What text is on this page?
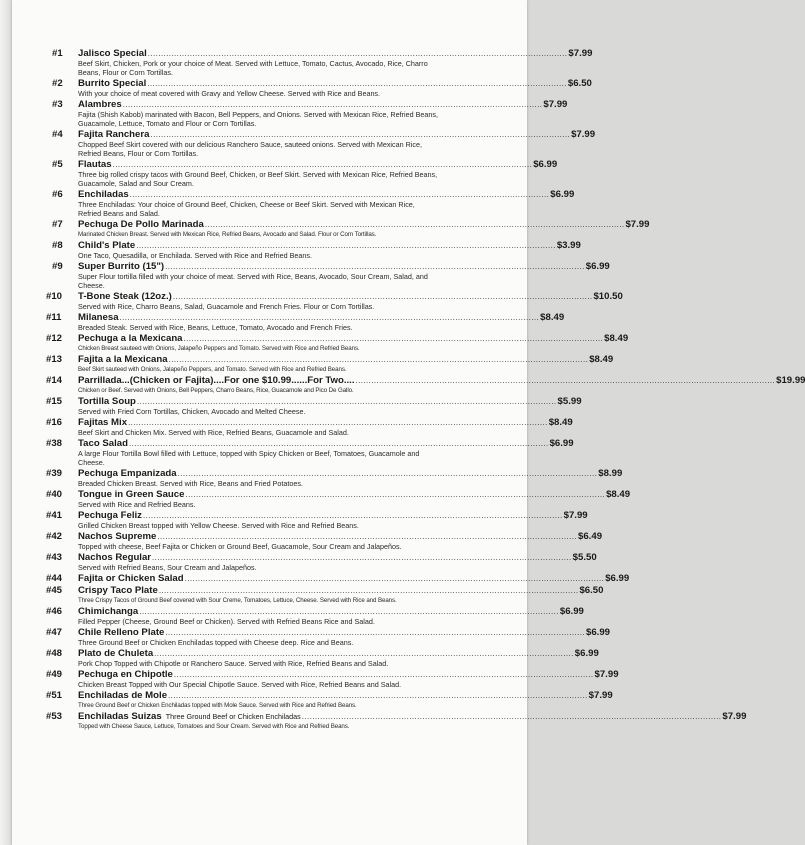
#1	Jalisco Special ................................................................................................................................................................ $7.99
Beef Skirt, Chicken, Pork or your choice of Meat. Served with Lettuce, Tomato, Cactus, Avocado, Rice, Charro Beans, Flour or Corn Tortillas.
#2	Burrito Special ................................................................................................................................................................ $6.50
With your choice of meat covered with Gravy and Yellow Cheese. Served with Rice and Beans.
#3	Alambres ................................................................................................................................................................ $7.99
Fajita (Shish Kabob) marinated with Bacon, Bell Peppers, and Onions. Served with Mexican Rice, Refried Beans, Guacamole, Lettuce, Tomato and Flour or Corn Tortillas.
#4	Fajita Ranchera ................................................................................................................................................................ $7.99
Chopped Beef Skirt covered with our delicious Ranchero Sauce, sauteed onions. Served with Mexican Rice, Refried Beans, Flour or Corn Tortillas.
#5	Flautas ................................................................................................................................................................ $6.99
Three big rolled crispy tacos with Ground Beef, Chicken, or Beef Skirt. Served with Mexican Rice, Refried Beans, Guacamole, Salad and Sour Cream.
#6	Enchiladas ................................................................................................................................................................ $6.99
Three Enchiladas: Your choice of Ground Beef, Chicken, Cheese or Beef Skirt. Served with Mexican Rice, Refried Beans and Salad.
#7	Pechuga De Pollo Marinada ................................................................................................................................................................ $7.99
Marinated Chicken Breast. Served with Mexican Rice, Refried Beans, Avocado and Salad. Flour or Corn Tortillas.
#8	Child's Plate ................................................................................................................................................................ $3.99
One Taco, Quesadilla, or Enchilada. Served with Rice and Refried Beans.
#9	Super Burrito (15") ................................................................................................................................................................ $6.99
Super Flour tortilla filled with your choice of meat. Served with Rice, Beans, Avocado, Sour Cream, Salad, and Cheese.
#10	T-Bone Steak (12oz.) ................................................................................................................................................................ $10.50
Served with Rice, Charro Beans, Salad, Guacamole and French Fries. Flour or Corn Tortillas.
#11	Milanesa ................................................................................................................................................................ $8.49
Breaded Steak. Served with Rice, Beans, Lettuce, Tomato, Avocado and French Fries.
#12	Pechuga a la Mexicana ................................................................................................................................................................ $8.49
Chicken Breast sauteed with Onions, Jalapeño Peppers and Tomato. Served with Rice and Refried Beans.
#13	Fajita a la Mexicana ................................................................................................................................................................ $8.49
Beef Skirt sauteed with Onions, Jalapeño Peppers, and Tomato. Served with Rice and Refried Beans.
#14	Parrillada...(Chicken or Fajita)....For one $10.99......For Two.... ................................................................................................................................................................ $19.99
Chicken or Beef. Served with Onions, Bell Peppers, Charro Beans, Rice, Guacamole and Pico De Gallo.
#15	Tortilla Soup ................................................................................................................................................................ $5.99
Served with Fried Corn Tortillas, Chicken, Avocado and Melted Cheese.
#16	Fajitas Mix ................................................................................................................................................................ $8.49
Beef Skirt and Chicken Mix. Served with Rice, Refried Beans, Guacamole and Salad.
#38	Taco Salad ................................................................................................................................................................ $6.99
A large Flour Tortilla Bowl filled with Lettuce, topped with Spicy Chicken or Beef, Tomatoes, Guacamole and Cheese.
#39	Pechuga Empanizada ................................................................................................................................................................ $8.99
Breaded Chicken Breast. Served with Rice, Beans and Fried Potatoes.
#40	Tongue in Green Sauce ................................................................................................................................................................ $8.49
Served with Rice and Refried Beans.
#41	Pechuga Feliz ................................................................................................................................................................ $7.99
Grilled Chicken Breast topped with Yellow Cheese. Served with Rice and Refried Beans.
#42	Nachos Supreme ................................................................................................................................................................ $6.49
Topped with cheese, Beef Fajita or Chicken or Ground Beef, Guacamole, Sour Cream and Jalapeños.
#43	Nachos Regular ................................................................................................................................................................ $5.50
Served with Refried Beans, Sour Cream and Jalapeños.
#44	Fajita or Chicken Salad ................................................................................................................................................................ $6.99
#45	Crispy Taco Plate ................................................................................................................................................................ $6.50
Three Crispy Tacos of Ground Beef covered with Sour Creme, Tomatoes, Lettuce, Cheese. Served with Rice and Beans.
#46	Chimichanga ................................................................................................................................................................ $6.99
Filled Pepper (Cheese, Ground Beef or Chicken). Served with Refried Beans Rice and Salad.
#47	Chile Relleno Plate ................................................................................................................................................................ $6.99
Three Ground Beef or Chicken Enchiladas topped with Cheese deep. Rice and Beans.
#48	Plato de Chuleta ................................................................................................................................................................ $6.99
Pork Chop Topped with Chipotle or Ranchero Sauce. Served with Rice, Refried Beans and Salad.
#49	Pechuga en Chipotle ................................................................................................................................................................ $7.99
Chicken Breast Topped with Our Special Chipotle Sauce. Served with Rice, Refried Beans and Salad.
#51	Enchiladas de Mole ................................................................................................................................................................ $7.99
Three Ground Beef or Chicken Enchiladas topped with Mole Sauce. Served with Rice and Refried Beans.
#53	Enchiladas Suizas Three Ground Beef or Chicken Enchiladas ................................................................................................................................................................ $7.99
Topped with Cheese Sauce, Lettuce, Tomatoes and Sour Cream. Served with Rice and Refried Beans.
